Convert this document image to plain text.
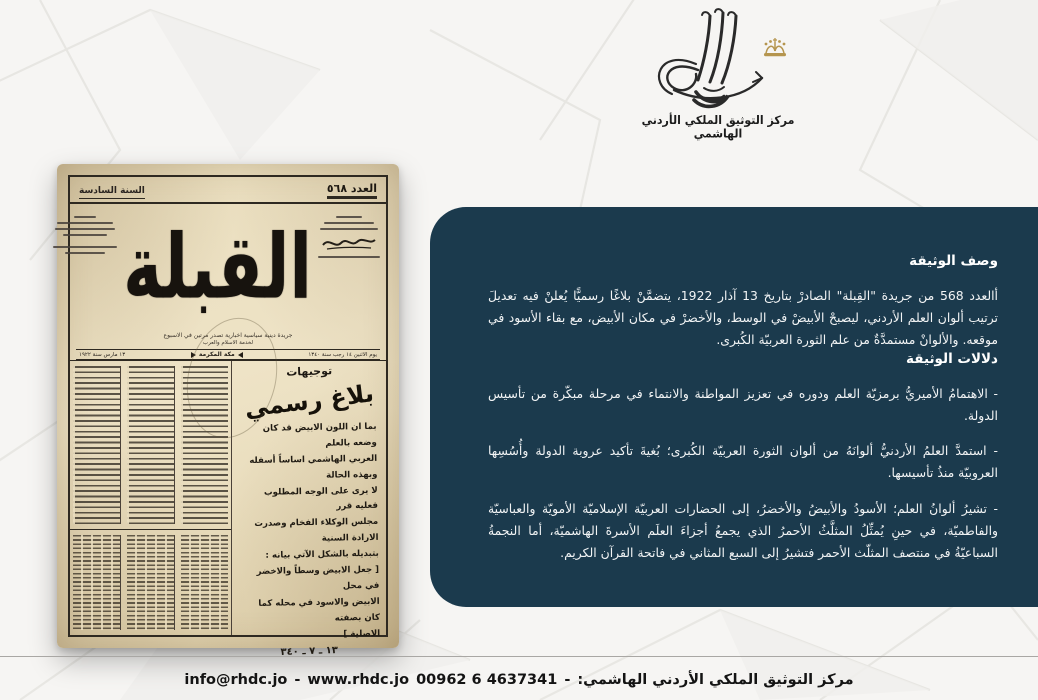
مركز التوثيق الملكي الأردني الهاشمي
العدد ٥٦٨
السنة السادسة
القبلة
جريدة دينية سياسية اخبارية تصدر مرتين في الاسبوع
لخدمة الاسلام والعرب
يوم الاثنين ١٤ رجب سنة ١٣٤٠
مكة المكرمة
١٣ مارس سنة ١٩٢٢
توجيهات
بلاغ رسمي
بما ان اللون الابيض قد كان وضعه بالعلم
العربي الهاشمي اساساً أسفله وبهذه الحالة
لا يرى على الوجه المطلوب فعليه قرر
مجلس الوكلاء الفخام وصدرت الارادة السنية
بتبديله بالشكل الآتي بيانه :
[ جعل الابيض وسطاً والاخضر في محل
الابيض والاسود في محله كما كان بصفته
الاصلية ]
١٣ ـ ٧ ـ ٣٤٠
وصف الوثيقة

أالعدد 568 من جريدة "القِبلة" الصادرْ بتاريخ 13 آذار 1922، يتضمَّنْ بلاغًا رسميًّا يُعلنْ فيه تعديلَ ترتيب ألوان العلم الأردني، ليصبحْ الأبيضْ في الوسط، والأخضرْ في مكان الأبيض، مع بقاء الأسود في موقعه. والألوانْ مستمدَّةٌ من علم الثورة العربيّة الكُبرى.

دلالات الوثيقة

- الاهتمامُ الأميريُّ برمزيّة العلم ودوره في تعزيز المواطنة والانتماء في مرحلة مبكّرة من تأسيس الدولة.

- استمدَّ العلمُ الأردنيُّ ألوانَهُ من ألوان الثورة العربيّة الكُبرى؛ بُغيةَ تأكيد عروبة الدولة وأُسُسِها العروبيّة منذُ تأسيسها.

- تشيرُ ألوانُ العلم؛ الأسودُ والأبيضُ والأخضرُ، إلى الحضارات العربيّة الإسلاميّة الأمويّة والعباسيّة والفاطميّة، في حينِ يُمثِّلُ المثلَّثُ الأحمرُ الذي يجمعُ أجزاءَ العلَم الأسرةَ الهاشميّة، أما النجمةُ السباعيّةُ في منتصف المثلّث الأحمر فتشيرُ إلى السبع المثاني في فاتحة القرآن الكريم.

info@rhdc.jo - www.rhdc.jo 00962 6 4637341 - مركز التوثيق الملكي الأردني الهاشمي:
